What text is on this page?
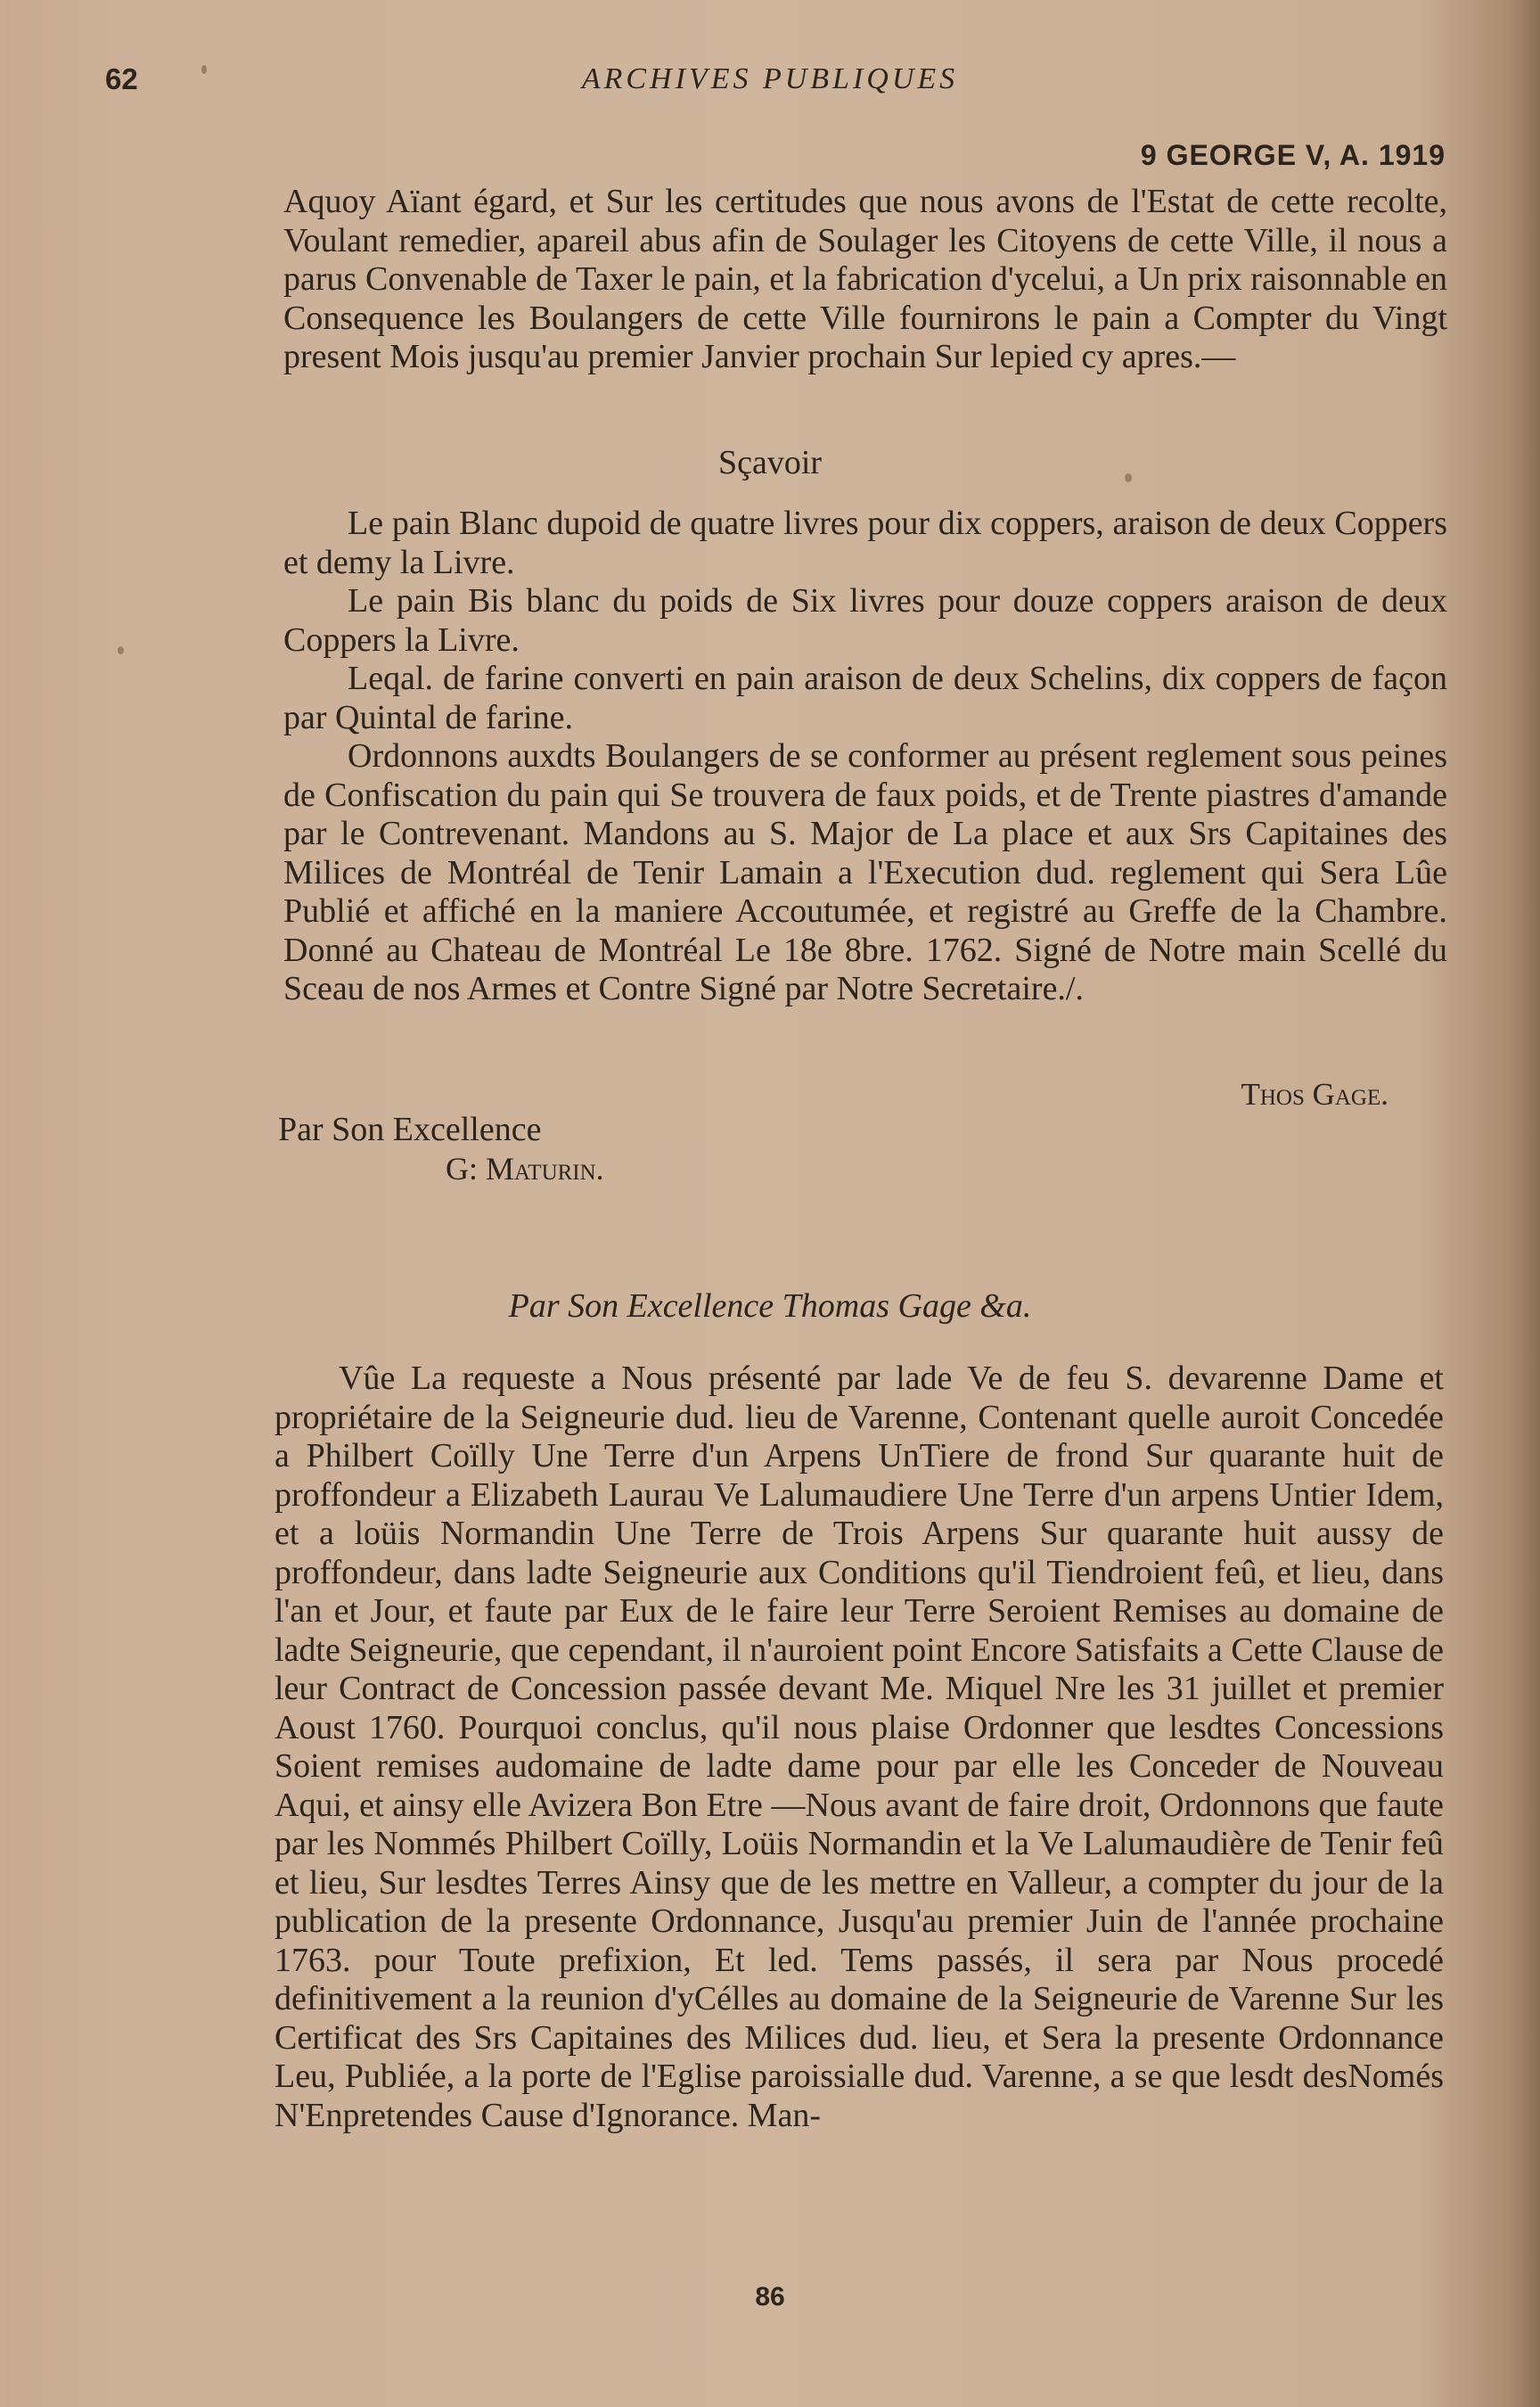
62	ARCHIVES PUBLIQUES
9 GEORGE V, A. 1919

Aquoy Aïant égard, et Sur les certitudes que nous avons de l'Estat de cette recolte, Voulant remedier, apareil abus afin de Soulager les Citoyens de cette Ville, il nous a parus Convenable de Taxer le pain, et la fabrication d'ycelui, a Un prix raisonnable en Consequence les Boulangers de cette Ville fournirons le pain a Compter du Vingt present Mois jusqu'au premier Janvier prochain Sur lepied cy apres.—

Sçavoir

Le pain Blanc dupoid de quatre livres pour dix coppers, araison de deux Coppers et demy la Livre.

Le pain Bis blanc du poids de Six livres pour douze coppers araison de deux Coppers la Livre.

Leqal. de farine converti en pain araison de deux Schelins, dix coppers de façon par Quintal de farine.

Ordonnons auxdts Boulangers de se conformer au présent reglement sous peines de Confiscation du pain qui Se trouvera de faux poids, et de Trente piastres d'amande par le Contrevenant. Mandons au S. Major de La place et aux Srs Capitaines des Milices de Montréal de Tenir Lamain a l'Execution dud. reglement qui Sera Lûe Publié et affiché en la maniere Accoutumée, et registré au Greffe de la Chambre. Donné au Chateau de Montréal Le 18e 8bre. 1762. Signé de Notre main Scellé du Sceau de nos Armes et Contre Signé par Notre Secretaire./.

Thos Gage.
Par Son Excellence
G: Maturin.
Par Son Excellence Thomas Gage &a.

Vûe La requeste a Nous présenté par lade Ve de feu S. devarenne Dame et propriétaire de la Seigneurie dud. lieu de Varenne, Contenant quelle auroit Concedée a Philbert Coïlly Une Terre d'un Arpens UnTiere de frond Sur quarante huit de proffondeur a Elizabeth Laurau Ve Lalumaudiere Une Terre d'un arpens Untier Idem, et a loüis Normandin Une Terre de Trois Arpens Sur quarante huit aussy de proffondeur, dans ladte Seigneurie aux Conditions qu'il Tiendroient feû, et lieu, dans l'an et Jour, et faute par Eux de le faire leur Terre Seroient Remises au domaine de ladte Seigneurie, que cependant, il n'auroient point Encore Satisfaits a Cette Clause de leur Contract de Concession passée devant Me. Miquel Nre les 31 juillet et premier Aoust 1760. Pourquoi conclus, qu'il nous plaise Ordonner que lesdtes Concessions Soient remises audomaine de ladte dame pour par elle les Conceder de Nouveau Aqui, et ainsy elle Avizera Bon Etre —Nous avant de faire droit, Ordonnons que faute par les Nommés Philbert Coïlly, Loüis Normandin et la Ve Lalumaudière de Tenir feû et lieu, Sur lesdtes Terres Ainsy que de les mettre en Valleur, a compter du jour de la publication de la presente Ordonnance, Jusqu'au premier Juin de l'année prochaine 1763. pour Toute prefixion, Et led. Tems passés, il sera par Nous procedé definitivement a la reunion d'yCélles au domaine de la Seigneurie de Varenne Sur les Certificat des Srs Capitaines des Milices dud. lieu, et Sera la presente Ordonnance Leu, Publiée, a la porte de l'Eglise paroissialle dud. Varenne, a se que lesdt desNomés N'Enpretendes Cause d'Ignorance. Man-

86
